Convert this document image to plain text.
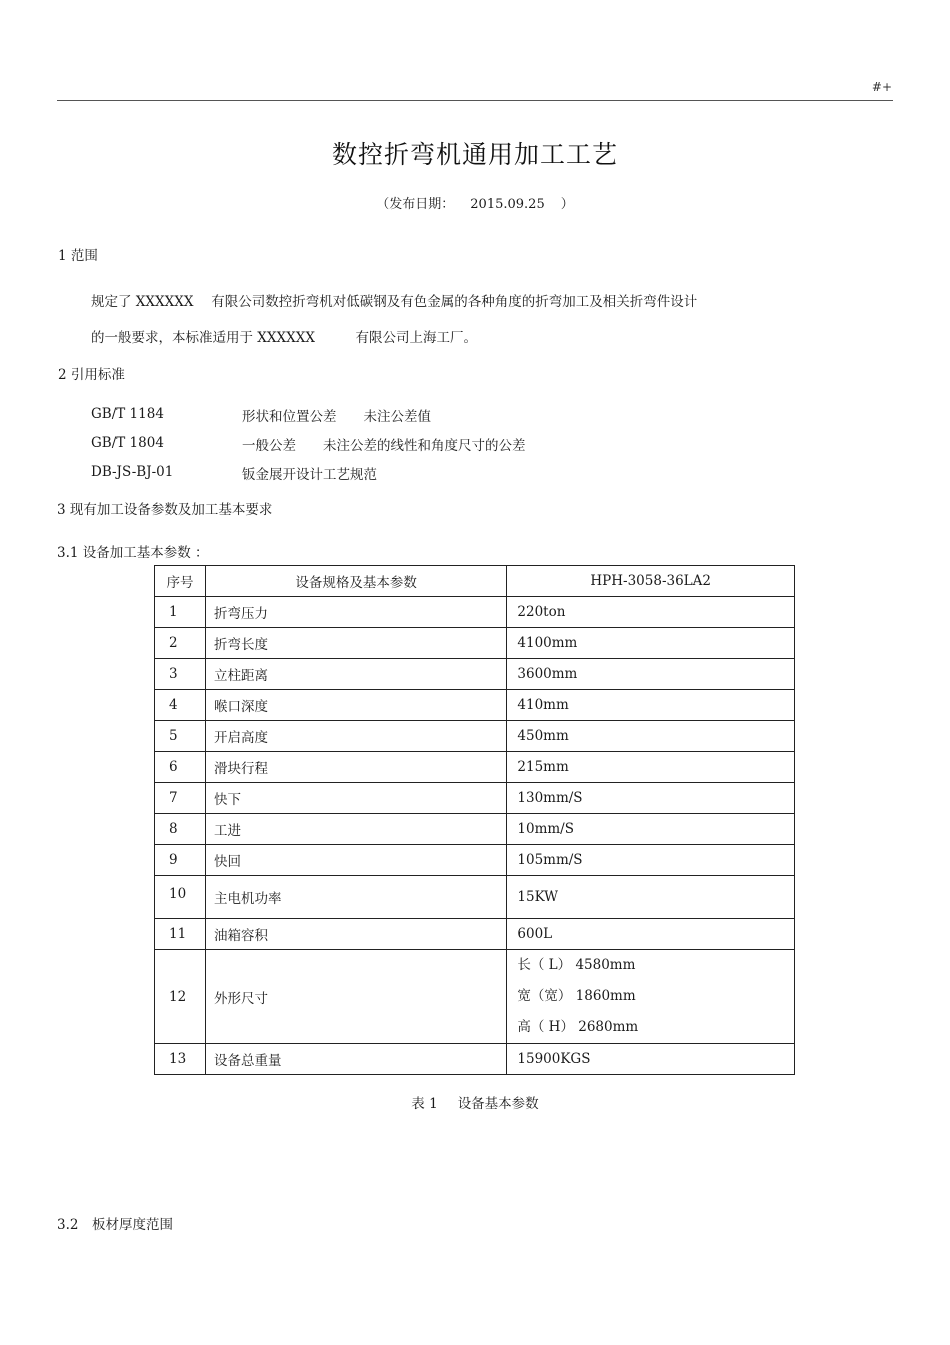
#+
数控折弯机通用加工工艺
（发布日期： 2015.09.25 ）
1 范围
规定了 XXXXXX　 有限公司数控折弯机对低碳钢及有色金属的各种角度的折弯加工及相关折弯件设计
的一般要求，本标准适用于 XXXXXX　　　有限公司上海工厂。
2 引用标准
GB/T 1184	形状和位置公差　　未注公差值
GB/T 1804	一般公差　　未注公差的线性和角度尺寸的公差
DB-JS-BJ-01	钣金展开设计工艺规范
3 现有加工设备参数及加工基本要求
3.1 设备加工基本参数 ：
序号	设备规格及基本参数	HPH-3058-36LA2
1	折弯压力	220ton
2	折弯长度	4100mm
3	立柱距离	3600mm
4	喉口深度	410mm
5	开启高度	450mm
6	滑块行程	215mm
7	快下	130mm/S
8	工进	10mm/S
9	快回	105mm/S
10	主电机功率	15KW
11	油箱容积	600L
12	外形尺寸	长（ L） 4580mm
宽（宽） 1860mm
高（ H） 2680mm

13	设备总重量	15900KGS
表 1 设备基本参数
3.2　板材厚度范围
